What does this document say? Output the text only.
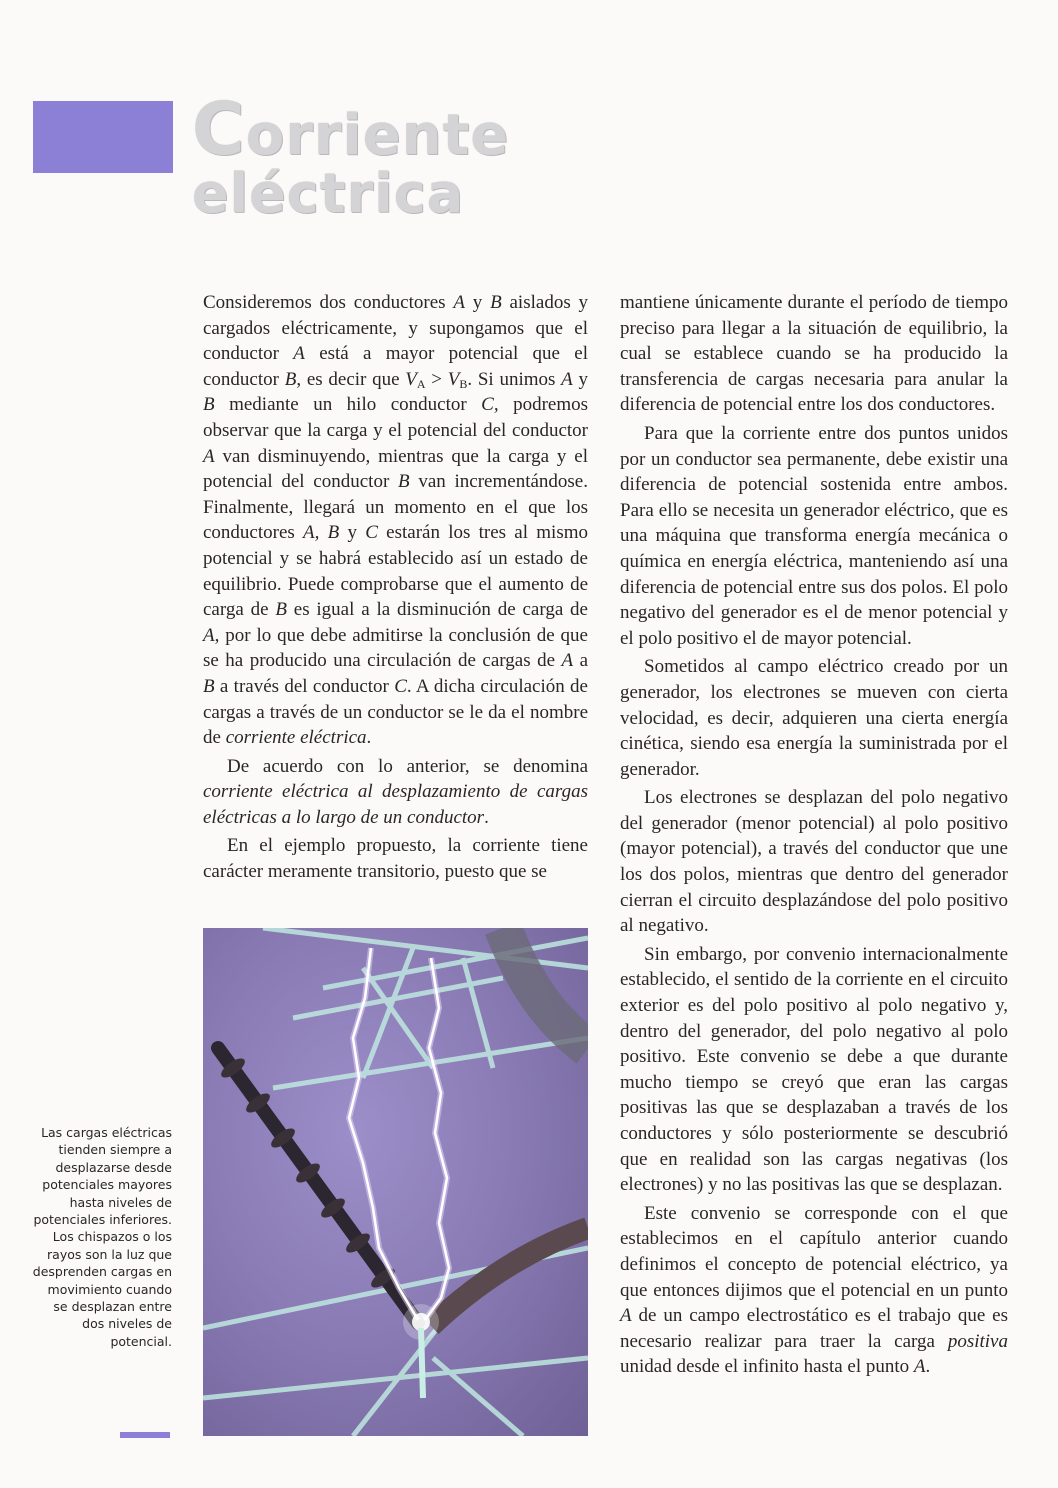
Corriente
eléctrica

Consideremos dos conductores A y B aislados y cargados eléctricamente, y supongamos que el conductor A está a mayor potencial que el conductor B, es decir que $V_A > V_B$. Si unimos A y B mediante un hilo conductor C, podremos observar que la carga y el potencial del conductor A van disminuyendo, mientras que la carga y el potencial del conductor B van incrementándose. Finalmente, llegará un momento en el que los conductores A, B y C estarán los tres al mismo potencial y se habrá establecido así un estado de equilibrio. Puede comprobarse que el aumento de carga de B es igual a la disminución de carga de A, por lo que debe admitirse la conclusión de que se ha producido una circulación de cargas de A a B a través del conductor C. A dicha circulación de cargas a través de un conductor se le da el nombre de corriente eléctrica.

De acuerdo con lo anterior, se denomina corriente eléctrica al desplazamiento de cargas eléctricas a lo largo de un conductor.

En el ejemplo propuesto, la corriente tiene carácter meramente transitorio, puesto que se

mantiene únicamente durante el período de tiempo preciso para llegar a la situación de equilibrio, la cual se establece cuando se ha producido la transferencia de cargas necesaria para anular la diferencia de potencial entre los dos conductores.

Para que la corriente entre dos puntos unidos por un conductor sea permanente, debe existir una diferencia de potencial sostenida entre ambos. Para ello se necesita un generador eléctrico, que es una máquina que transforma energía mecánica o química en energía eléctrica, manteniendo así una diferencia de potencial entre sus dos polos. El polo negativo del generador es el de menor potencial y el polo positivo el de mayor potencial.

Sometidos al campo eléctrico creado por un generador, los electrones se mueven con cierta velocidad, es decir, adquieren una cierta energía cinética, siendo esa energía la suministrada por el generador.

Los electrones se desplazan del polo negativo del generador (menor potencial) al polo positivo (mayor potencial), a través del conductor que une los dos polos, mientras que dentro del generador cierran el circuito desplazándose del polo positivo al negativo.

Sin embargo, por convenio internacionalmente establecido, el sentido de la corriente en el circuito exterior es del polo positivo al polo negativo y, dentro del generador, del polo negativo al polo positivo. Este convenio se debe a que durante mucho tiempo se creyó que eran las cargas positivas las que se desplazaban a través de los conductores y sólo posteriormente se descubrió que en realidad son las cargas negativas (los electrones) y no las positivas las que se desplazan.

Este convenio se corresponde con el que establecimos en el capítulo anterior cuando definimos el concepto de potencial eléctrico, ya que entonces dijimos que el potencial en un punto A de un campo electrostático es el trabajo que es necesario realizar para traer la carga positiva unidad desde el infinito hasta el punto A.

Las cargas eléctricas tienden siempre a desplazarse desde potenciales mayores hasta niveles de potenciales inferiores. Los chispazos o los rayos son la luz que desprenden cargas en movimiento cuando se desplazan entre dos niveles de potencial.
